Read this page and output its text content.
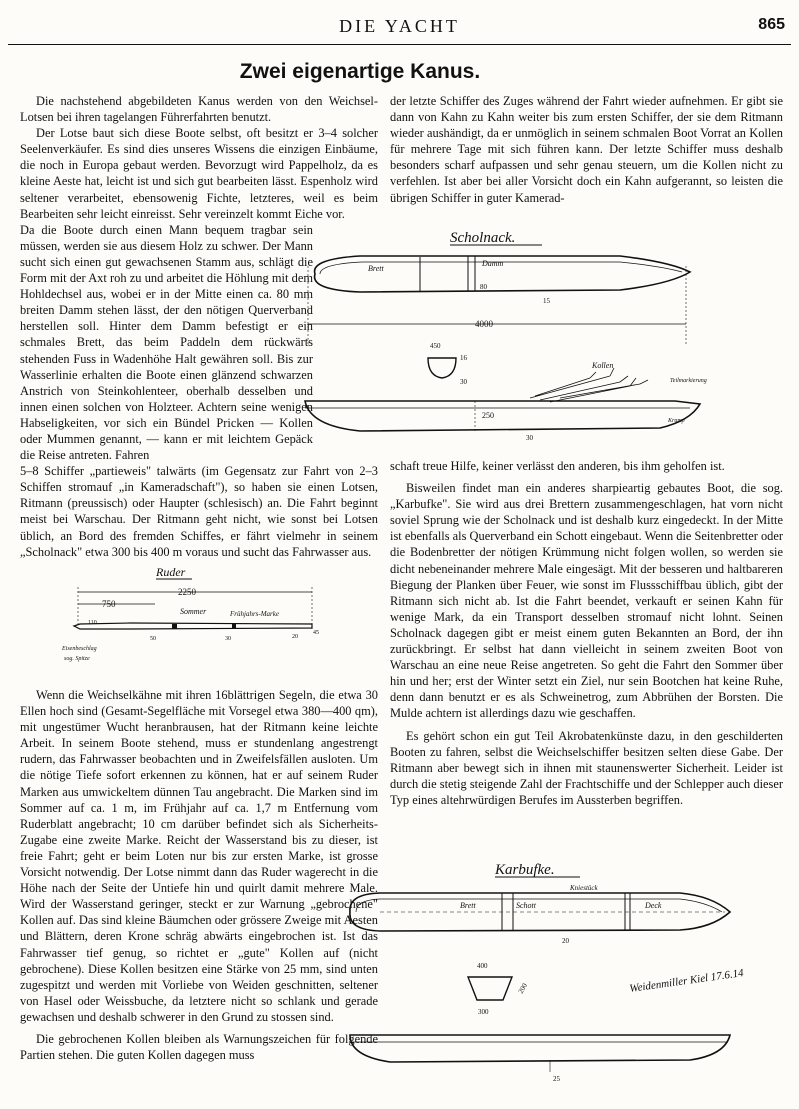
DIE YACHT	865
Zwei eigenartige Kanus.

Die nachstehend abgebildeten Kanus werden von den Weichsel-Lotsen bei ihren tagelangen Führerfahrten benutzt.

Der Lotse baut sich diese Boote selbst, oft besitzt er 3–4 solcher Seelenverkäufer. Es sind dies unseres Wissens die einzigen Einbäume, die noch in Europa gebaut werden. Bevorzugt wird Pappelholz, da es kleine Aeste hat, leicht ist und sich gut bearbeiten lässt. Espenholz wird seltener verarbeitet, ebensowenig Fichte, letzteres, weil es beim Bearbeiten sehr leicht einreisst. Sehr vereinzelt kommt Eiche vor.

Da die Boote durch einen Mann bequem tragbar sein müssen, werden sie aus diesem Holz zu schwer. Der Mann sucht sich einen gut gewachsenen Stamm aus, schlägt die Form mit der Axt roh zu und arbeitet die Höhlung mit dem Hohldechsel aus, wobei er in der Mitte einen ca. 80 mm breiten Damm stehen lässt, der den nötigen Querverband herstellen soll. Hinter dem Damm befestigt er ein schmales Brett, das beim Paddeln dem rückwärts stehenden Fuss in Wadenhöhe Halt gewähren soll. Bis zur Wasserlinie erhalten die Boote einen glänzend schwarzen Anstrich von Steinkohlenteer, oberhalb desselben und innen einen solchen von Holzteer. Achtern seine wenigen Habseligkeiten, vor sich ein Bündel Pricken — Kollen oder Mummen genannt, — kann er mit leichtem Gepäck die Reise antreten. Fahren

5–8 Schiffer „partieweis" talwärts (im Gegensatz zur Fahrt von 2–3 Schiffen stromauf „in Kameradschaft"), so haben sie einen Lotsen, Ritmann (preussisch) oder Haupter (schlesisch) an. Die Fahrt beginnt meist bei Warschau. Der Ritmann geht nicht, wie sonst bei Lotsen üblich, an Bord des fremden Schiffes, er fährt vielmehr in seinem „Scholnack" etwa 300 bis 400 m voraus und sucht das Fahrwasser aus.

Wenn die Weichselkähne mit ihren 16blättrigen Segeln, die etwa 30 Ellen hoch sind (Gesamt-Segelfläche mit Vorsegel etwa 380—400 qm), mit ungestümer Wucht heranbrausen, hat der Ritmann keine leichte Arbeit. In seinem Boote stehend, muss er stundenlang angestrengt rudern, das Fahrwasser beobachten und in Zweifelsfällen ausloten. Um die nötige Tiefe sofort erkennen zu können, hat er auf seinem Ruder Marken aus umwickeltem dünnen Tau angebracht. Die Marken sind im Sommer auf ca. 1 m, im Frühjahr auf ca. 1,7 m Entfernung vom Ruderblatt angebracht; 10 cm darüber befindet sich als Sicherheits-Zugabe eine zweite Marke. Reicht der Wasserstand bis zu dieser, ist freie Fahrt; geht er beim Loten nur bis zur ersten Marke, ist grosse Vorsicht notwendig. Der Lotse nimmt dann das Ruder wagerecht in die Höhe nach der Seite der Untiefe hin und quirlt damit mehrere Male. Wird der Wasserstand geringer, steckt er zur Warnung „gebrochene" Kollen auf. Das sind kleine Bäumchen oder grössere Zweige mit Aesten und Blättern, deren Krone schräg abwärts eingebrochen ist. Ist das Fahrwasser tief genug, so richtet er „gute" Kollen auf (nicht gebrochene). Diese Kollen besitzen eine Stärke von 25 mm, sind unten zugespitzt und werden mit Vorliebe von Weiden geschnitten, seltener von Hasel oder Weissbuche, da letztere nicht so schlank und gerade gewachsen und deshalb schwerer in den Grund zu stossen sind.

Die gebrochenen Kollen bleiben als Warnungszeichen für folgende Partien stehen. Die guten Kollen dagegen muss

der letzte Schiffer des Zuges während der Fahrt wieder aufnehmen. Er gibt sie dann von Kahn zu Kahn weiter bis zum ersten Schiffer, der sie dem Ritmann wieder aushändigt, da er unmöglich in seinem schmalen Boot Vorrat an Kollen für mehrere Tage mit sich führen kann. Der letzte Schiffer muss deshalb besonders scharf aufpassen und sehr genau steuern, um die Kollen nicht zu verfehlen. Ist aber bei aller Vorsicht doch ein Kahn aufgerannt, so leisten die übrigen Schiffer in guter Kamerad-

schaft treue Hilfe, keiner verlässt den anderen, bis ihm geholfen ist.

Bisweilen findet man ein anderes sharpieartig gebautes Boot, die sog. „Karbufke". Sie wird aus drei Brettern zusammengeschlagen, hat vorn nicht soviel Sprung wie der Scholnack und ist deshalb kurz eingedeckt. In der Mitte ist ebenfalls als Querverband ein Schott eingebaut. Wenn die Seitenbretter oder die Bodenbretter der nötigen Krümmung nicht folgen wollen, so werden sie dicht nebeneinander mehrere Male eingesägt. Mit der besseren und haltbareren Biegung der Planken über Feuer, wie sonst im Flussschiffbau üblich, gibt der Ritmann sich nicht ab. Ist die Fahrt beendet, verkauft er seinen Kahn für wenige Mark, da ein Transport desselben stromauf nicht lohnt. Seinen Scholnack dagegen gibt er meist einem guten Bekannten an Bord, der ihn zurückbringt. Er selbst hat dann vielleicht in seinem zweiten Boot von Warschau an eine neue Reise angetreten. So geht die Fahrt den Sommer über hin und her; erst der Winter setzt ein Ziel, nur sein Bootchen hat keine Ruhe, denn dann benutzt er es als Schweinetrog, zum Abbrühen der Borsten. Die Mulde achtern ist allerdings dazu wie geschaffen.

Es gehört schon ein gut Teil Akrobatenkünste dazu, in den geschilderten Booten zu fahren, selbst die Weichselschiffer besitzen selten diese Gabe. Der Ritmann aber bewegt sich in ihnen mit staunenswerter Sicherheit. Leider ist durch die stetig steigende Zahl der Frachtschiffe und der Schlepper auch dieser Typ eines altehrwürdigen Berufes im Aussterben begriffen.

Scholnack.
Brett
Damm
80
15
4000
450
16
30
Kollen
Teilmarkierung
250
Kramp
30
Ruder
2250
750
Sommer	Frühjahrs-Marke
110
50	30	20
45
Eisenbeschlag
sog. Spitze
Karbufke.
Kniestück
Brett	Schott	Deck
20
400
300
200	Weidenmiller Kiel 17.6.14
25
